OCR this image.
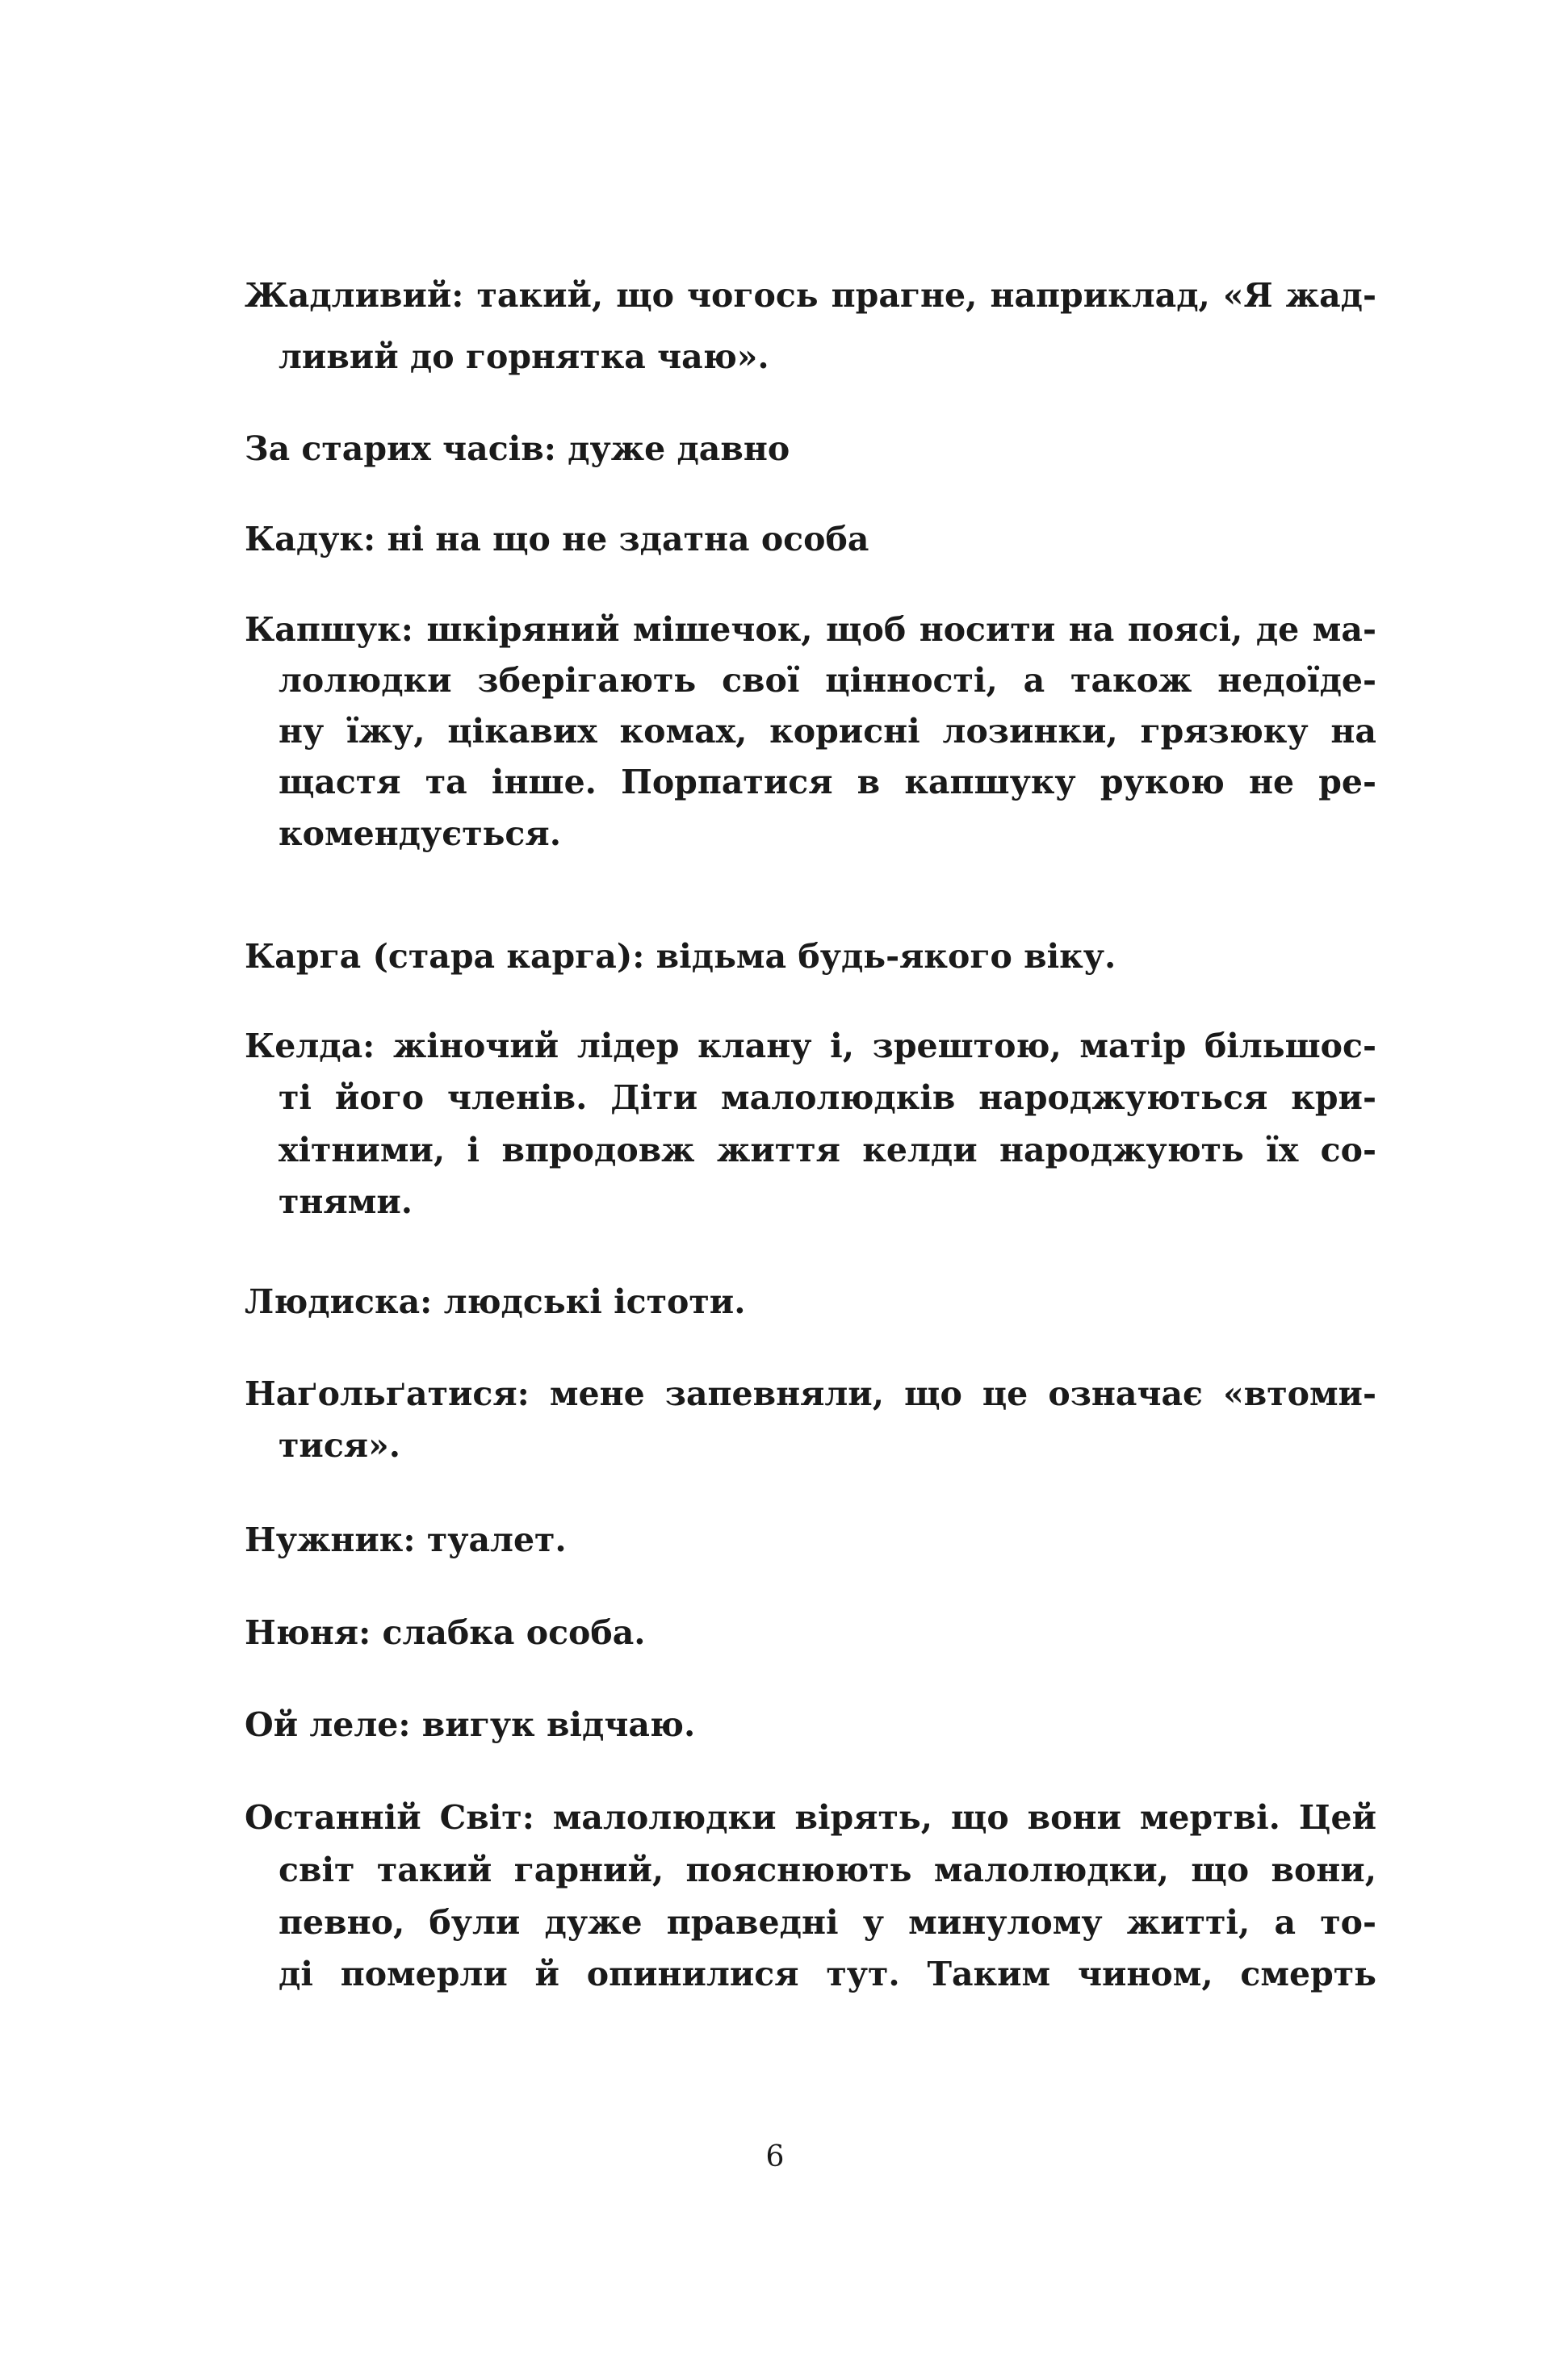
Жадливий: такий, що чогось прагне, наприклад, «Я жад-
ливий до горнятка чаю».
За старих часів: дуже давно
Кадук: ні на що не здатна особа
Капшук: шкіряний мішечок, щоб носити на поясі, де ма-
лолюдки зберігають свої цінності, а також недоїде-
ну їжу, цікавих комах, корисні лозинки, грязюку на
щастя та інше. Порпатися в капшуку рукою не ре-
комендується.
Карга (стара карга): відьма будь-якого віку.
Келда: жіночий лідер клану і, зрештою, матір більшос-
ті його членів. Діти малолюдків народжуються кри-
хітними, і впродовж життя келди народжують їх со-
тнями.
Людиска: людські істоти.
Наґольґатися: мене запевняли, що це означає «втоми-
тися».
Нужник: туалет.
Нюня: слабка особа.
Ой леле: вигук відчаю.
Останній Світ: малолюдки вірять, що вони мертві. Цей
світ такий гарний, пояснюють малолюдки, що вони,
певно, були дуже праведні у минулому житті, а то-
ді померли й опинилися тут. Таким чином, смерть
6
